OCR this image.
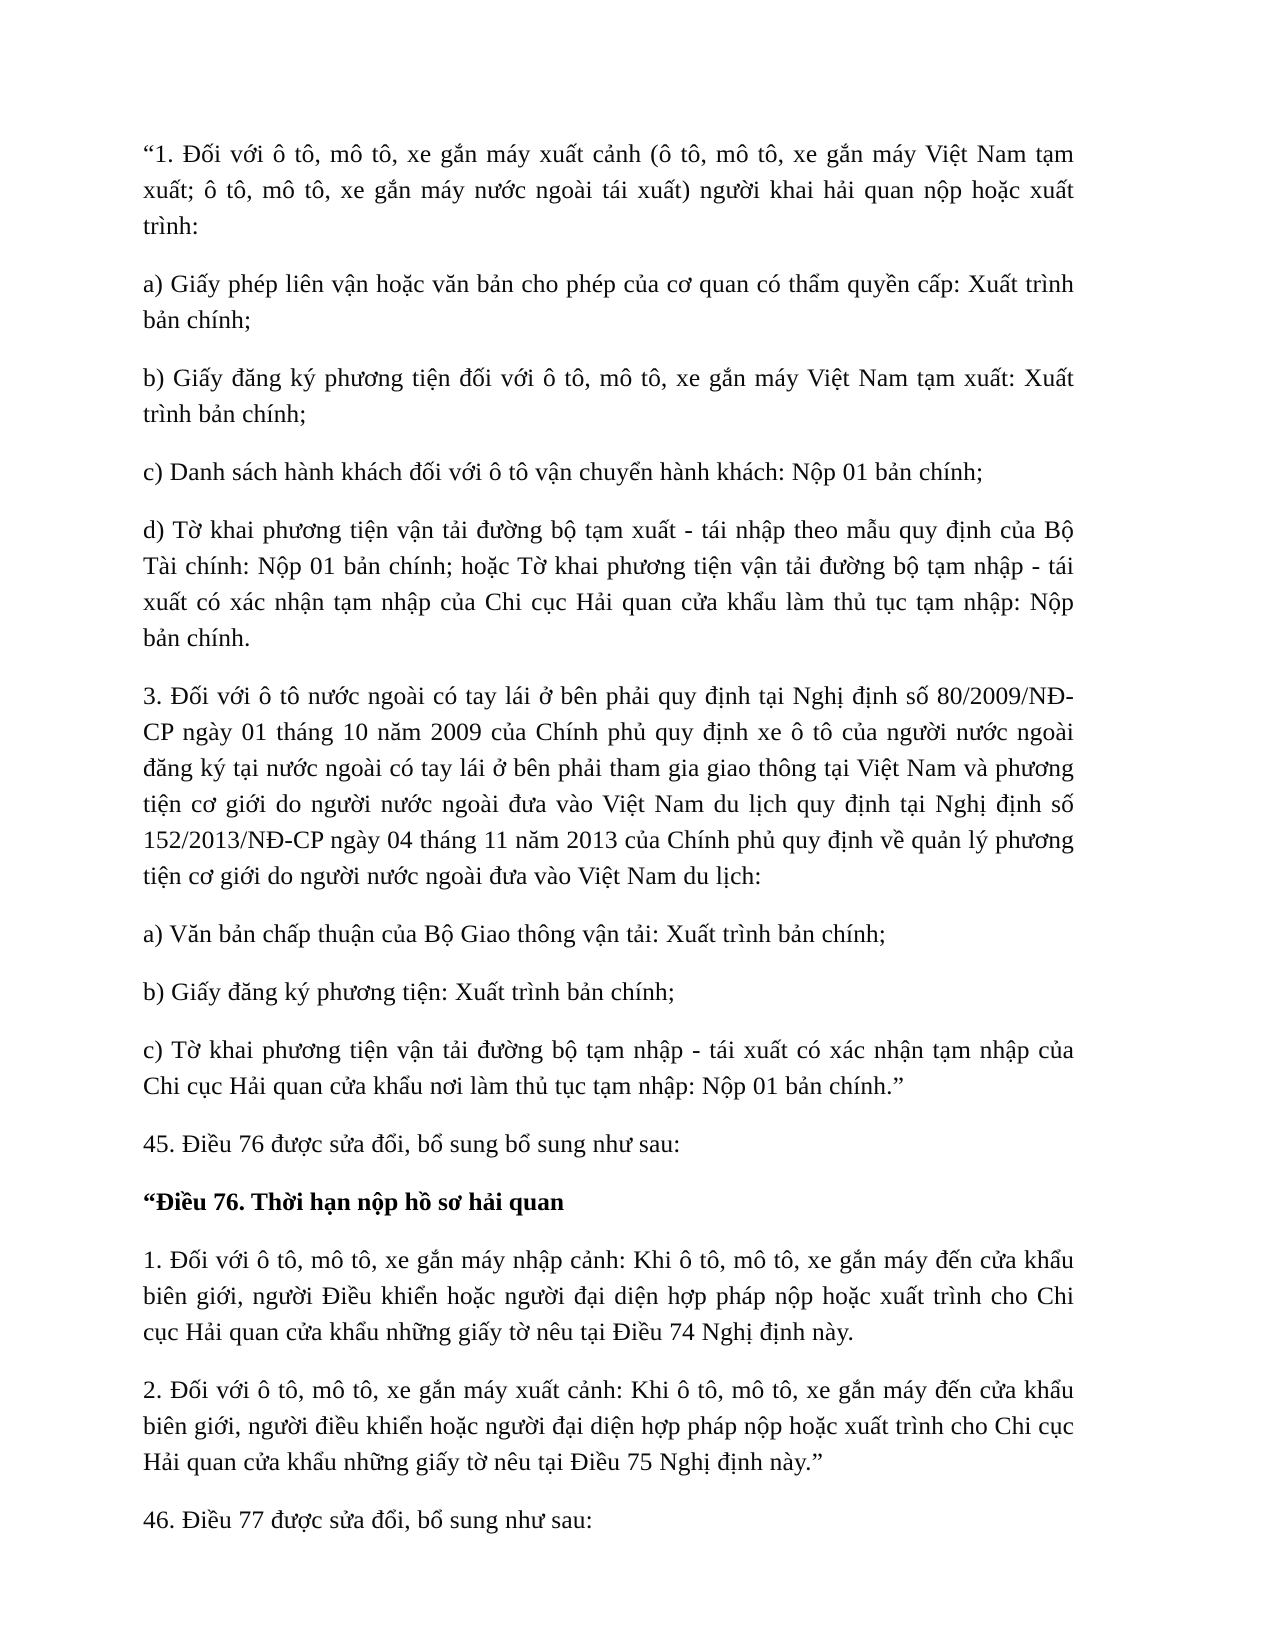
“1. Đối với ô tô, mô tô, xe gắn máy xuất cảnh (ô tô, mô tô, xe gắn máy Việt Nam tạm xuất; ô tô, mô tô, xe gắn máy nước ngoài tái xuất) người khai hải quan nộp hoặc xuất trình:

a) Giấy phép liên vận hoặc văn bản cho phép của cơ quan có thẩm quyền cấp: Xuất trình bản chính;

b) Giấy đăng ký phương tiện đối với ô tô, mô tô, xe gắn máy Việt Nam tạm xuất: Xuất trình bản chính;

c) Danh sách hành khách đối với ô tô vận chuyển hành khách: Nộp 01 bản chính;

d) Tờ khai phương tiện vận tải đường bộ tạm xuất - tái nhập theo mẫu quy định của Bộ Tài chính: Nộp 01 bản chính; hoặc Tờ khai phương tiện vận tải đường bộ tạm nhập - tái xuất có xác nhận tạm nhập của Chi cục Hải quan cửa khẩu làm thủ tục tạm nhập: Nộp bản chính.

3. Đối với ô tô nước ngoài có tay lái ở bên phải quy định tại Nghị định số 80/2009/NĐ-CP ngày 01 tháng 10 năm 2009 của Chính phủ quy định xe ô tô của người nước ngoài đăng ký tại nước ngoài có tay lái ở bên phải tham gia giao thông tại Việt Nam và phương tiện cơ giới do người nước ngoài đưa vào Việt Nam du lịch quy định tại Nghị định số 152/2013/NĐ-CP ngày 04 tháng 11 năm 2013 của Chính phủ quy định về quản lý phương tiện cơ giới do người nước ngoài đưa vào Việt Nam du lịch:

a) Văn bản chấp thuận của Bộ Giao thông vận tải: Xuất trình bản chính;

b) Giấy đăng ký phương tiện: Xuất trình bản chính;

c) Tờ khai phương tiện vận tải đường bộ tạm nhập - tái xuất có xác nhận tạm nhập của Chi cục Hải quan cửa khẩu nơi làm thủ tục tạm nhập: Nộp 01 bản chính.”

45. Điều 76 được sửa đổi, bổ sung bổ sung như sau:

“Điều 76. Thời hạn nộp hồ sơ hải quan

1. Đối với ô tô, mô tô, xe gắn máy nhập cảnh: Khi ô tô, mô tô, xe gắn máy đến cửa khẩu biên giới, người Điều khiển hoặc người đại diện hợp pháp nộp hoặc xuất trình cho Chi cục Hải quan cửa khẩu những giấy tờ nêu tại Điều 74 Nghị định này.

2. Đối với ô tô, mô tô, xe gắn máy xuất cảnh: Khi ô tô, mô tô, xe gắn máy đến cửa khẩu biên giới, người điều khiển hoặc người đại diện hợp pháp nộp hoặc xuất trình cho Chi cục Hải quan cửa khẩu những giấy tờ nêu tại Điều 75 Nghị định này.”

46. Điều 77 được sửa đổi, bổ sung như sau:
